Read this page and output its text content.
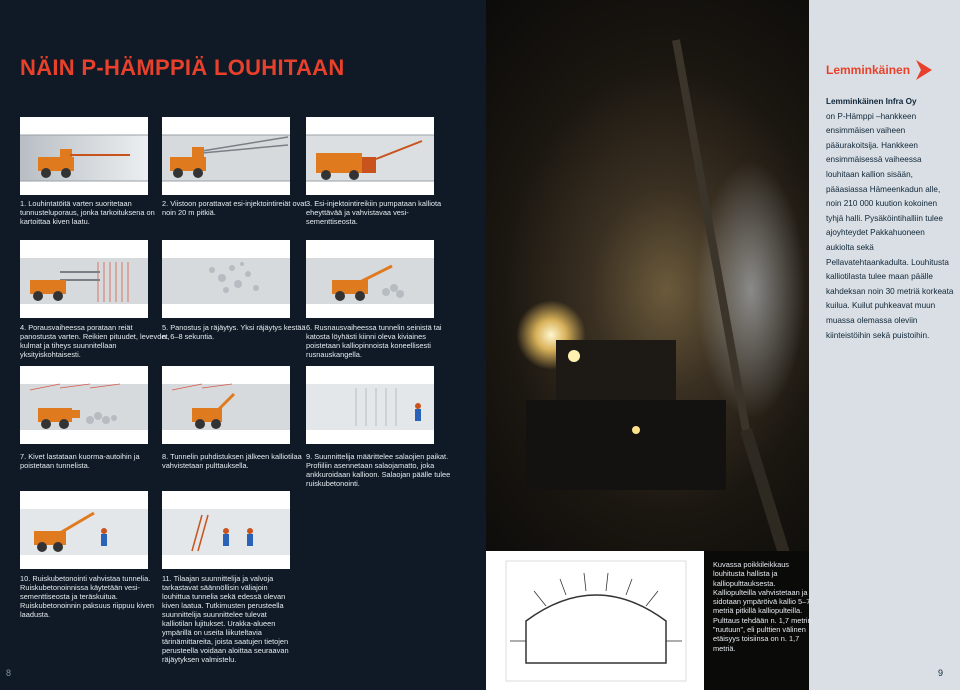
NÄIN P-HÄMPPIÄ LOUHITAAN
1. Louhintatöitä varten suoritetaan tunnusteluporaus, jonka tarkoituksena on kartoittaa kiven laatu.
2. Viistoon porattavat esi-injektointireiät ovat noin 20 m pitkiä.
3. Esi-injektointireikiin pumpataan kalliota eheyttävää ja vahvistavaa vesi-sementtiseosta.
4. Porausvaiheessa porataan reiät panostusta varten. Reikien pituudet, levevdet, kulmat ja tiheys suunnitellaan yksityiskohtaisesti.
5. Panostus ja räjäytys. Yksi räjäytys kestää n. 6–8 sekuntia.
6. Rusnausvaiheessa tunnelin seinistä tai katosta löyhästi kiinni oleva kiviaines poistetaan kalliopinnoista koneellisesti rusnauskangella.
7. Kivet lastataan kuorma-autoihin ja poistetaan tunnelista.
8. Tunnelin puhdistuksen jälkeen kalliotilaa vahvistetaan pulttauksella.
9. Suunnittelija määrittelee salaojien paikat. Profiiliin asennetaan salaojamatto, joka ankkuroidaan kallioon. Salaojan päälle tulee ruiskubetonointi.
10. Ruiskubetonointi vahvistaa tunnelia. Ruiskubetonoinnissa käytetään vesi-sementtiseosta ja teräskuitua. Ruiskubetonoinnin paksuus riippuu kiven laadusta.
11. Tilaajan suunnittelija ja valvoja tarkastavat säännöllisin väliajoin louhittua tunnelia sekä edessä olevan kiven laatua. Tutkimusten perusteella suunnittelija suunnittelee tulevat kalliotilan lujitukset. Urakka-alueen ympärillä on useita liikuteltavia tärinämittareita, joista saatujen tietojen perusteella voidaan aloittaa seuraavan räjäytyksen valmistelu.
8
Lemminkäinen
Lemminkäinen Infra Oy
on P-Hämppi –hankkeen ensimmäisen vaiheen pääurakoitsija. Hankkeen ensimmäisessä vaiheessa louhitaan kallion sisään, pääasiassa Hämeenkadun alle, noin 210 000 kuution kokoinen tyhjä halli. Pysäköintihalliin tulee ajoyhteydet Pakkahuoneen aukiolta sekä Pellavatehtaankadulta. Louhitusta kalliotilasta tulee maan päälle kahdeksan noin 30 metriä korkeata kuilua. Kuilut puhkeavat muun muassa olemassa oleviin kiinteistöihin sekä puistoihin.
Kuvassa poikkileikkaus louhitusta hallista ja kalliopulttauksesta. Kalliopulteilla vahvistetaan ja sidotaan ympäröivä kallio 5–7 metriä pitkillä kalliopulteilla. Pulttaus tehdään n. 1,7 metrin ”ruutuun”, eli pulttien välinen etäisyys toisiinsa on n. 1,7 metriä.
9
